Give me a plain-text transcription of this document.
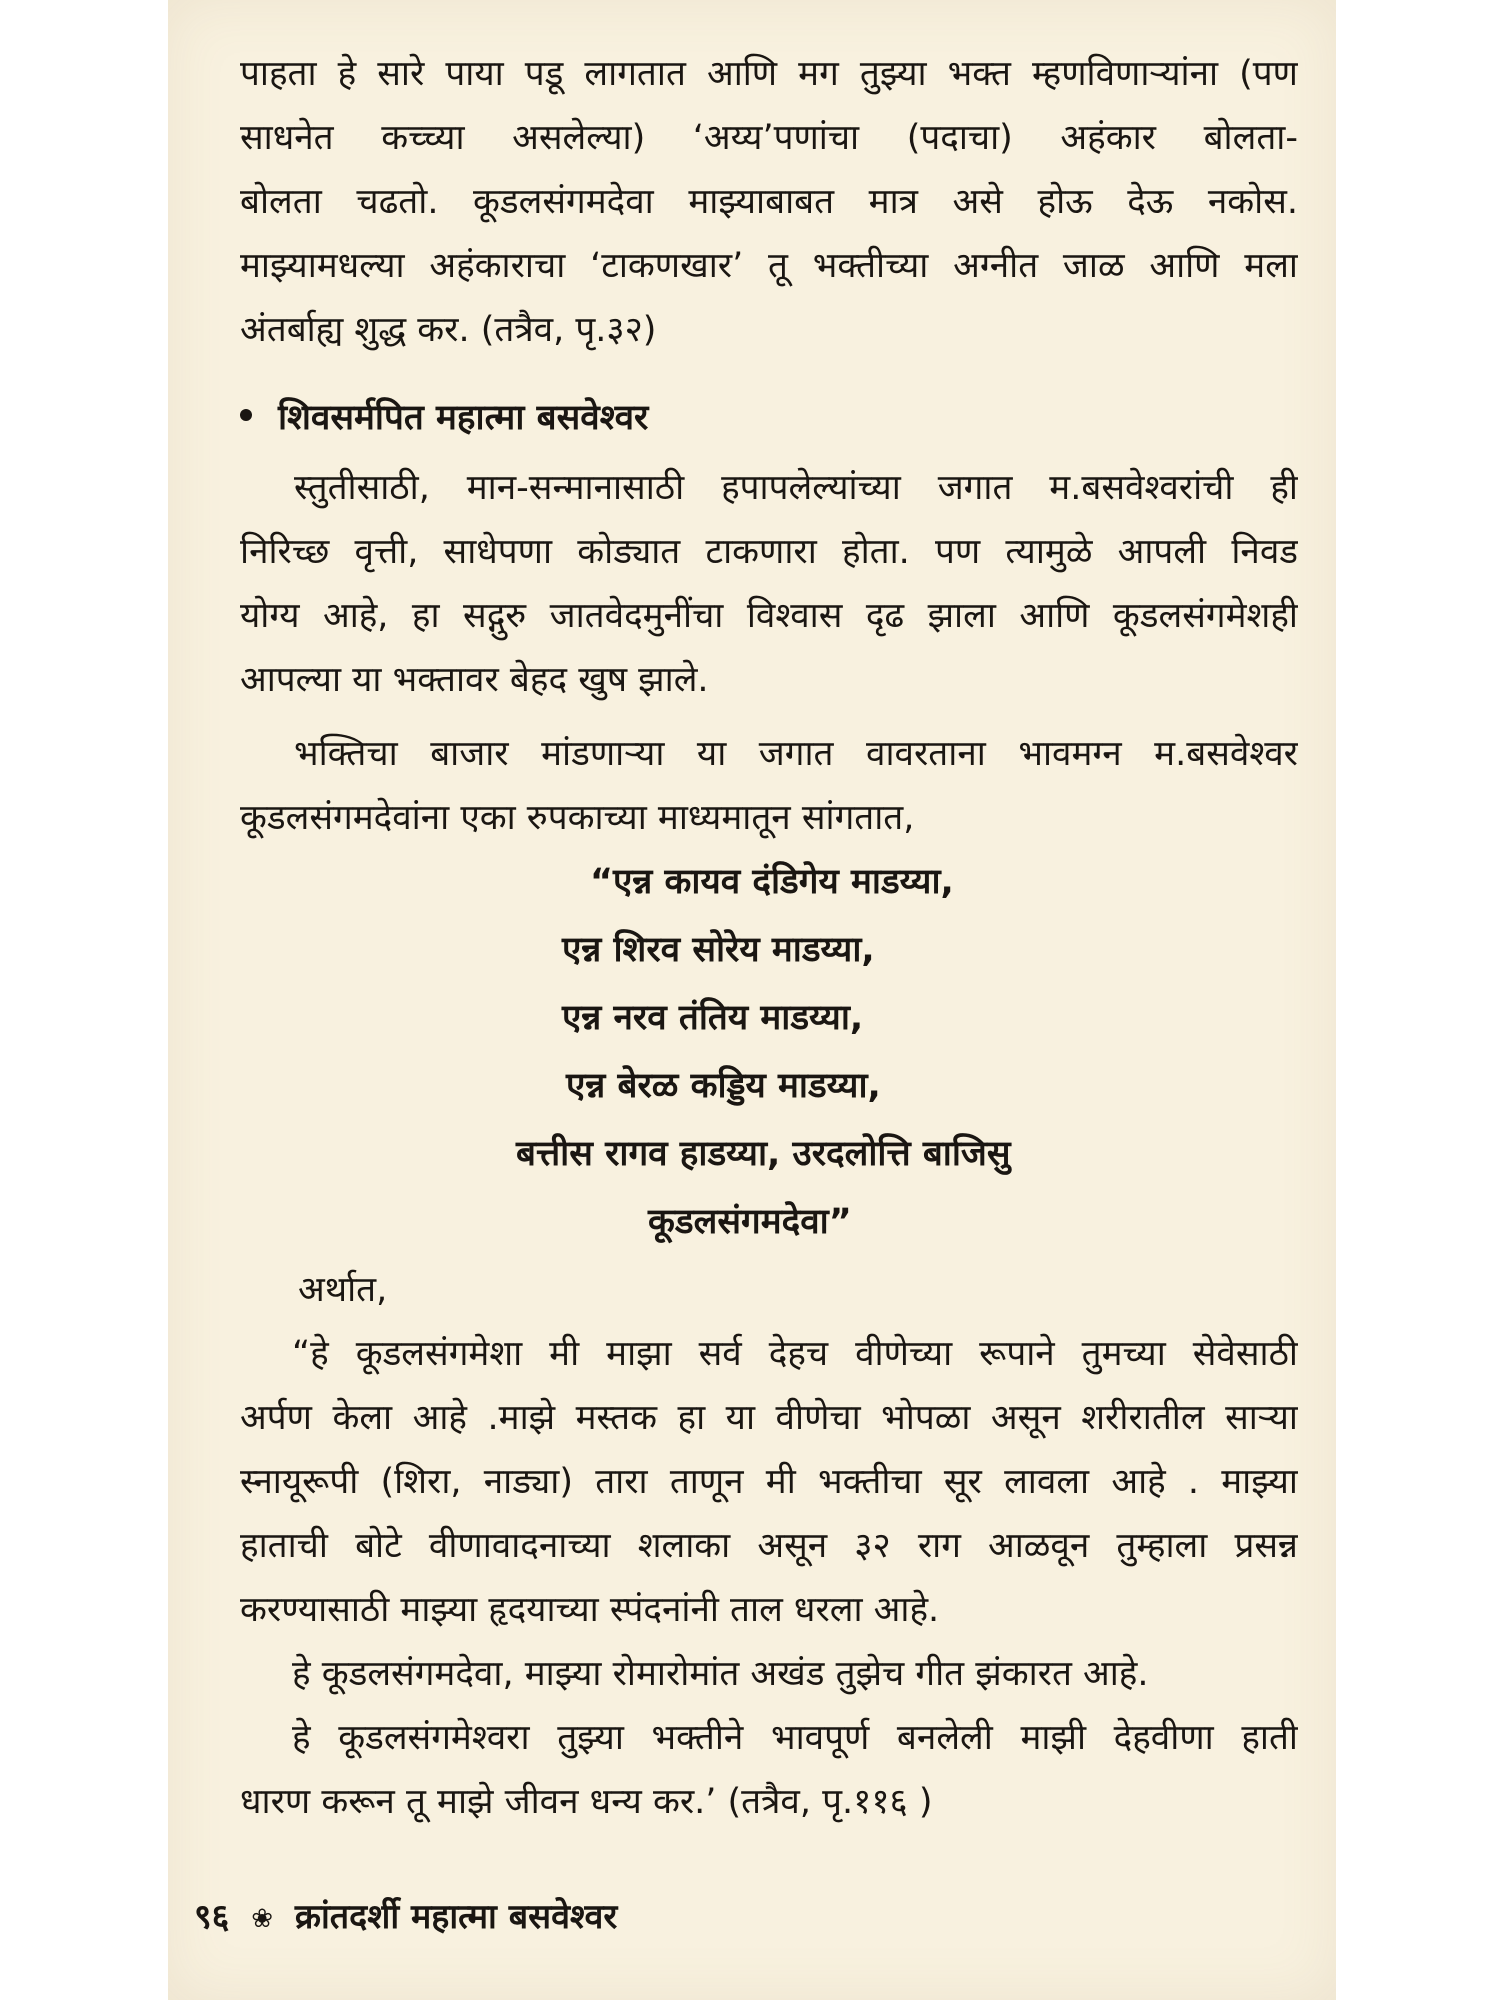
पाहता हे सारे पाया पडू लागतात आणि मग तुझ्या भक्त म्हणविणाऱ्यांना (पण
साधनेत कच्च्या असलेल्या) ‘अय्य’पणांचा (पदाचा) अहंकार बोलता-
बोलता चढतो. कूडलसंगमदेवा माझ्याबाबत मात्र असे होऊ देऊ नकोस.
माझ्यामधल्या अहंकाराचा ‘टाकणखार’ तू भक्तीच्या अग्नीत जाळ आणि मला
अंतर्बाह्य शुद्ध कर. (तत्रैव, पृ.३२)
शिवसर्मपित महात्मा बसवेश्वर
स्तुतीसाठी, मान-सन्मानासाठी हपापलेल्यांच्या जगात म.बसवेश्वरांची ही
निरिच्छ वृत्ती, साधेपणा कोड्यात टाकणारा होता. पण त्यामुळे आपली निवड
योग्य आहे, हा सद्गुरु जातवेदमुनींचा विश्वास दृढ झाला आणि कूडलसंगमेशही
आपल्या या भक्तावर बेहद खुष झाले.
भक्तिचा बाजार मांडणाऱ्या या जगात वावरताना भावमग्न म.बसवेश्वर
कूडलसंगमदेवांना एका रुपकाच्या माध्यमातून सांगतात,
“एन्न कायव दंडिगेय माडय्या,
एन्न शिरव सोरेय माडय्या,
एन्न नरव तंतिय माडय्या,
एन्न बेरळ कड्डिय माडय्या,
बत्तीस रागव हाडय्या, उरदलोत्ति बाजिसु
कूडलसंगमदेवा”
अर्थात,
“हे कूडलसंगमेशा मी माझा सर्व देहच वीणेच्या रूपाने तुमच्या सेवेसाठी
अर्पण केला आहे .माझे मस्तक हा या वीणेचा भोपळा असून शरीरातील साऱ्या
स्नायूरूपी (शिरा, नाड्या) तारा ताणून मी भक्तीचा सूर लावला आहे . माझ्या
हाताची बोटे वीणावादनाच्या शलाका असून ३२ राग आळवून तुम्हाला प्रसन्न
करण्यासाठी माझ्या हृदयाच्या स्पंदनांनी ताल धरला आहे.
हे कूडलसंगमदेवा, माझ्या रोमारोमांत अखंड तुझेच गीत झंकारत आहे.
हे कूडलसंगमेश्वरा तुझ्या भक्तीने भावपूर्ण बनलेली माझी देहवीणा हाती
धारण करून तू माझे जीवन धन्य कर.’ (तत्रैव, पृ.११६ )
९६ ❀ क्रांतदर्शी महात्मा बसवेश्वर
